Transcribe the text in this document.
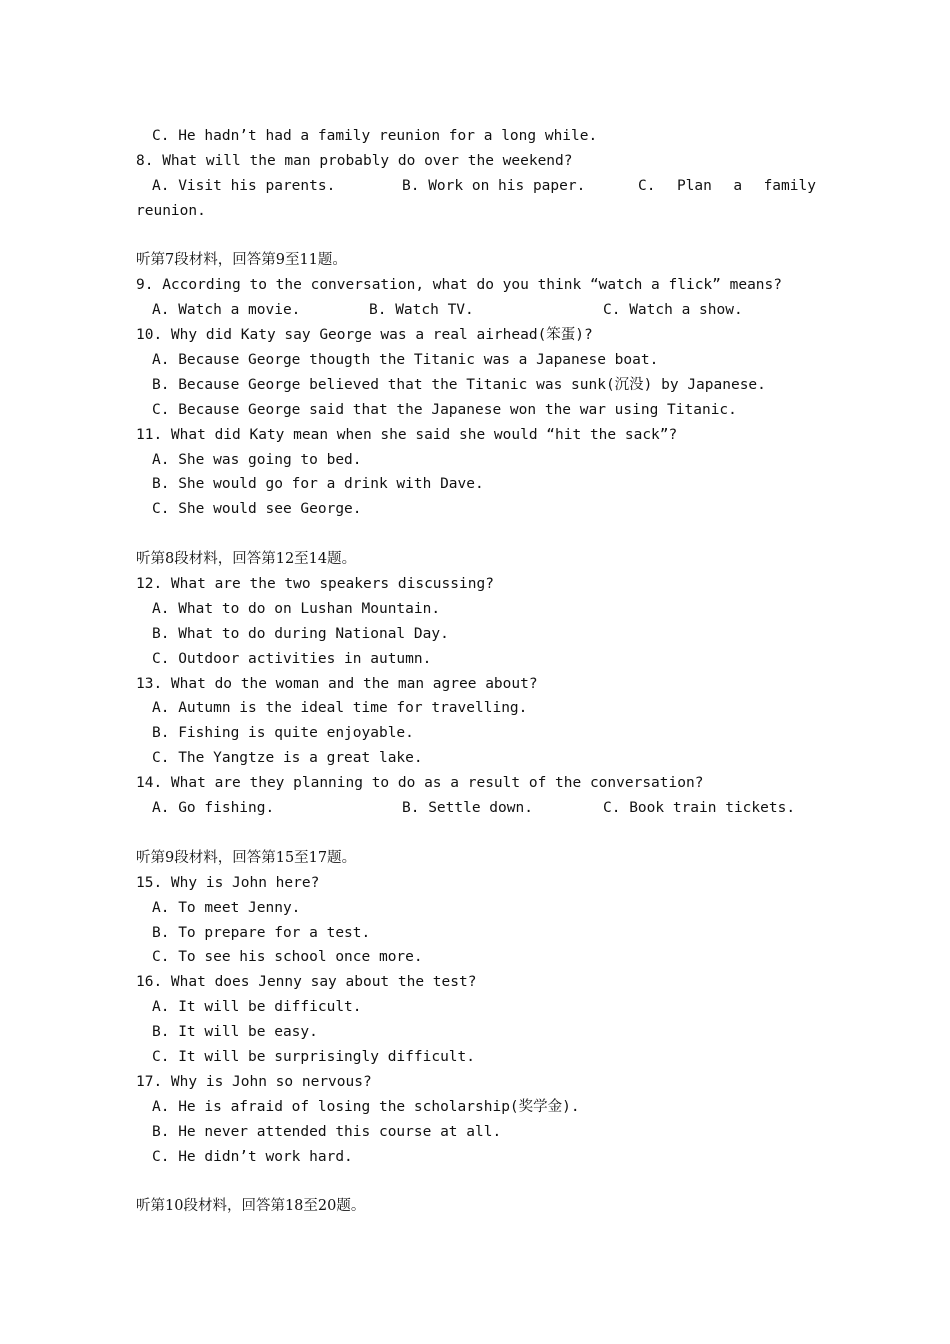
C. He hadn’t had a family reunion for a long while.
8. What will the man probably do over the weekend?

A. Visit his parents.

	B. Work on his paper.

	C. Plan a family

reunion.
听第7段材料，回答第9至11题。
9. According to the conversation, what do you think “watch a flick” means?

A. Watch a movie.

	B. Watch TV.

	C. Watch a show.

10. Why did Katy say George was a real airhead(笨蛋)?
A. Because George thougth the Titanic was a Japanese boat.
B. Because George believed that the Titanic was sunk(沉没) by Japanese.
C. Because George said that the Japanese won the war using Titanic.
11. What did Katy mean when she said she would “hit the sack”?
A. She was going to bed.
B. She would go for a drink with Dave.
C. She would see George.
听第8段材料，回答第12至14题。
12. What are the two speakers discussing?
A. What to do on Lushan Mountain.
B. What to do during National Day.
C. Outdoor activities in autumn.
13. What do the woman and the man agree about?
A. Autumn is the ideal time for travelling.
B. Fishing is quite enjoyable.
C. The Yangtze is a great lake.
14. What are they planning to do as a result of the conversation?

A. Go fishing.

	B. Settle down.

	C. Book train tickets.

听第9段材料，回答第15至17题。
15. Why is John here?
A. To meet Jenny.
B. To prepare for a test.
C. To see his school once more.
16. What does Jenny say about the test?
A. It will be difficult.
B. It will be easy.
C. It will be surprisingly difficult.
17. Why is John so nervous?
A. He is afraid of losing the scholarship(奖学金).
B. He never attended this course at all.
C. He didn’t work hard.
听第10段材料，回答第18至20题。
